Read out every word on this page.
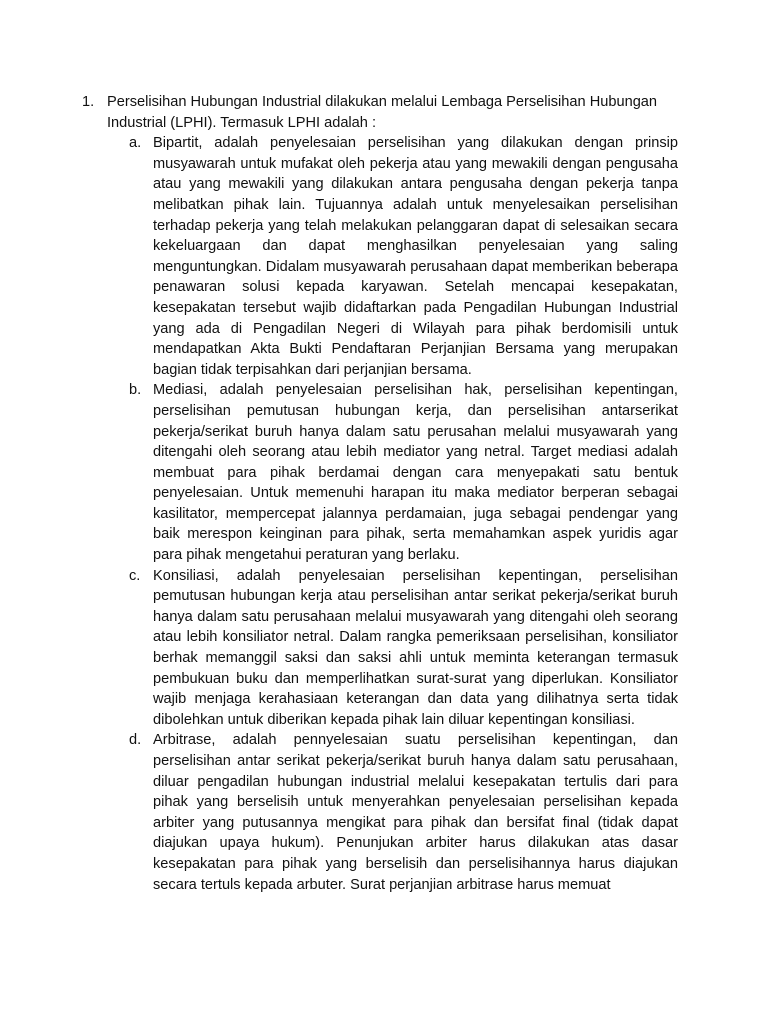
1. Perselisihan Hubungan Industrial dilakukan melalui Lembaga Perselisihan Hubungan Industrial (LPHI). Termasuk LPHI adalah :
a. Bipartit, adalah penyelesaian perselisihan yang dilakukan dengan prinsip musyawarah untuk mufakat oleh pekerja atau yang mewakili dengan pengusaha atau yang mewakili yang dilakukan antara pengusaha dengan pekerja tanpa melibatkan pihak lain. Tujuannya adalah untuk menyelesaikan perselisihan terhadap pekerja yang telah melakukan pelanggaran dapat di selesaikan secara kekeluargaan dan dapat menghasilkan penyelesaian yang saling menguntungkan. Didalam musyawarah perusahaan dapat memberikan beberapa penawaran solusi kepada karyawan. Setelah mencapai kesepakatan, kesepakatan tersebut wajib didaftarkan pada Pengadilan Hubungan Industrial yang ada di Pengadilan Negeri di Wilayah para pihak berdomisili untuk mendapatkan Akta Bukti Pendaftaran Perjanjian Bersama yang merupakan bagian tidak terpisahkan dari perjanjian bersama.
b. Mediasi, adalah penyelesaian perselisihan hak, perselisihan kepentingan, perselisihan pemutusan hubungan kerja, dan perselisihan antarserikat pekerja/serikat buruh hanya dalam satu perusahan melalui musyawarah yang ditengahi oleh seorang atau lebih mediator yang netral. Target mediasi adalah membuat para pihak berdamai dengan cara menyepakati satu bentuk penyelesaian. Untuk memenuhi harapan itu maka mediator berperan sebagai kasilitator, mempercepat jalannya perdamaian, juga sebagai pendengar yang baik merespon keinginan para pihak, serta memahamkan aspek yuridis agar para pihak mengetahui peraturan yang berlaku.
c. Konsiliasi, adalah penyelesaian perselisihan kepentingan, perselisihan pemutusan hubungan kerja atau perselisihan antar serikat pekerja/serikat buruh hanya dalam satu perusahaan melalui musyawarah yang ditengahi oleh seorang atau lebih konsiliator netral. Dalam rangka pemeriksaan perselisihan, konsiliator berhak memanggil saksi dan saksi ahli untuk meminta keterangan termasuk pembukuan buku dan memperlihatkan surat-surat yang diperlukan. Konsiliator wajib menjaga kerahasiaan keterangan dan data yang dilihatnya serta tidak dibolehkan untuk diberikan kepada pihak lain diluar kepentingan konsiliasi.
d. Arbitrase, adalah pennyelesaian suatu perselisihan kepentingan, dan perselisihan antar serikat pekerja/serikat buruh hanya dalam satu perusahaan, diluar pengadilan hubungan industrial melalui kesepakatan tertulis dari para pihak yang berselisih untuk menyerahkan penyelesaian perselisihan kepada arbiter yang putusannya mengikat para pihak dan bersifat final (tidak dapat diajukan upaya hukum). Penunjukan arbiter harus dilakukan atas dasar kesepakatan para pihak yang berselisih dan perselisihannya harus diajukan secara tertuls kepada arbuter. Surat perjanjian arbitrase harus memuat
